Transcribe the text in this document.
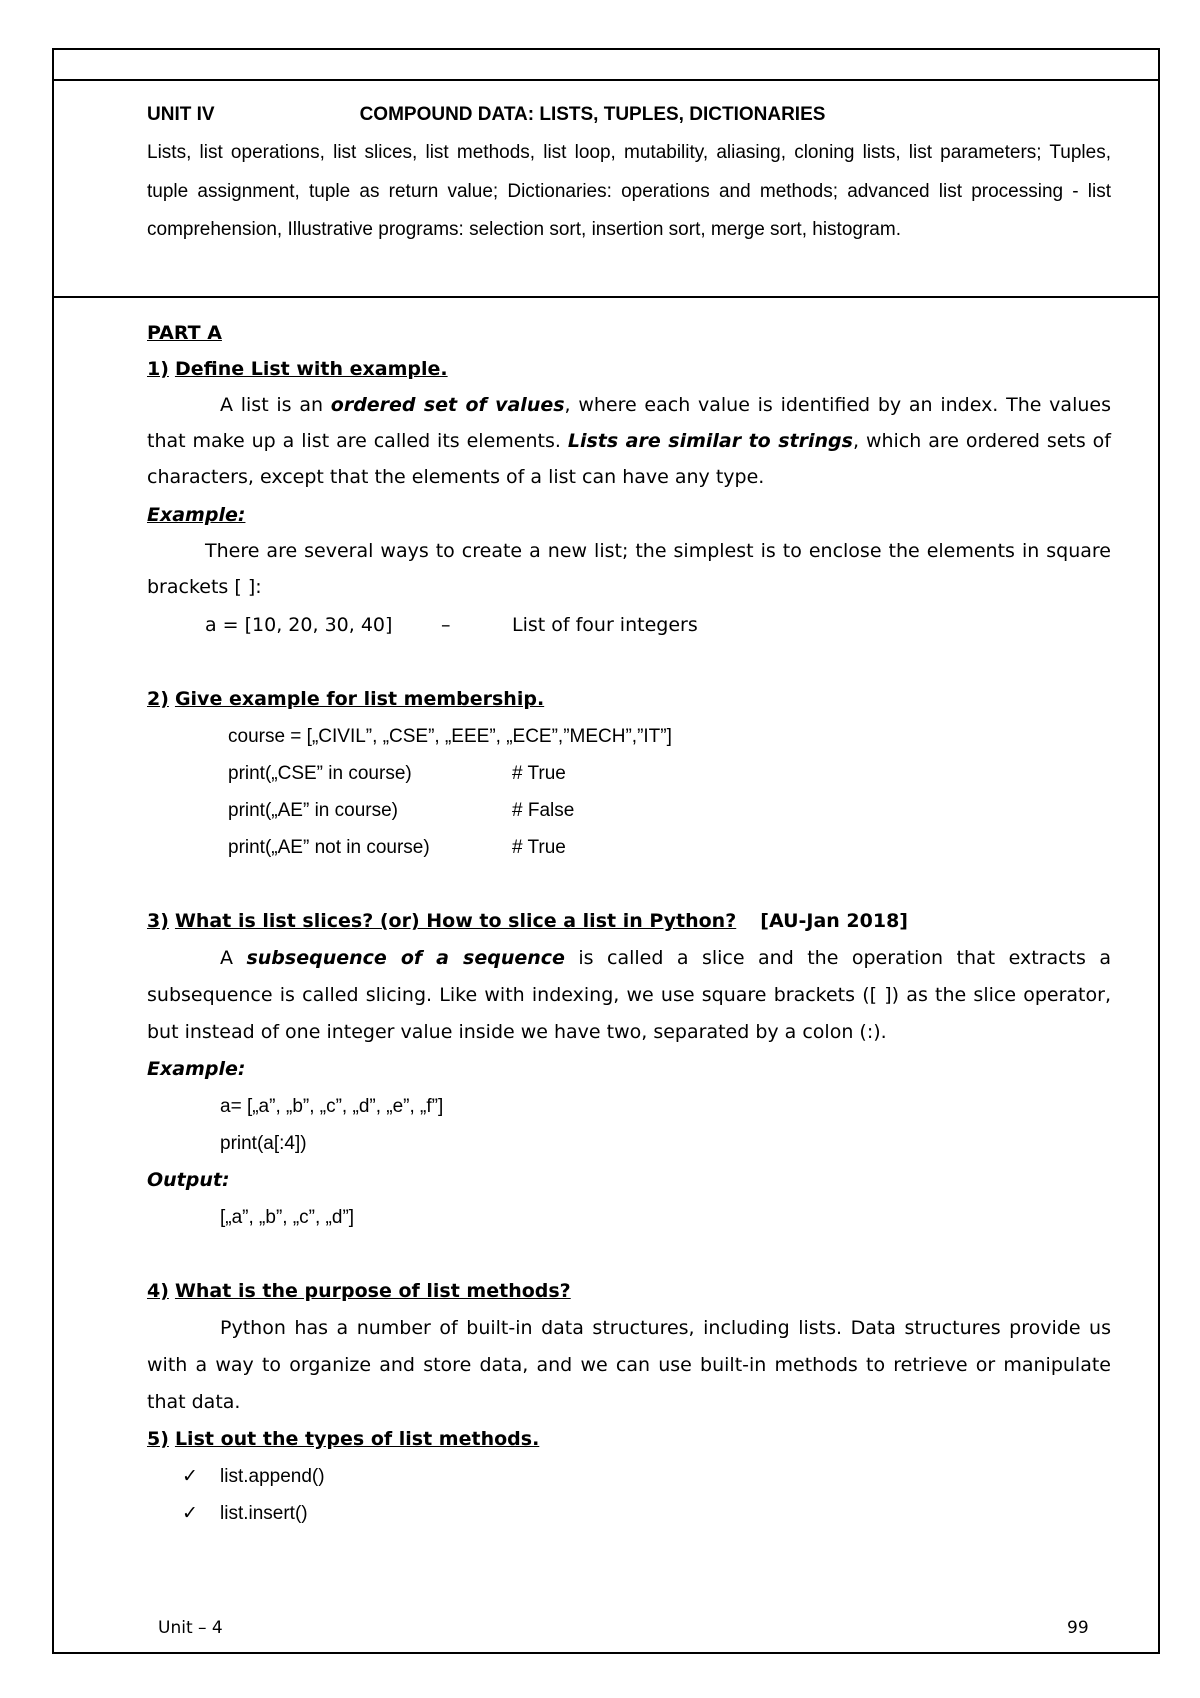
UNIT IV	COMPOUND DATA: LISTS, TUPLES, DICTIONARIES
Lists, list operations, list slices, list methods, list loop, mutability, aliasing, cloning lists, list parameters; Tuples, tuple assignment, tuple as return value; Dictionaries: operations and methods; advanced list processing - list comprehension, Illustrative programs: selection sort, insertion sort, merge sort, histogram.
PART A
1) Define List with example.
A list is an ordered set of values, where each value is identified by an index. The values that make up a list are called its elements. Lists are similar to strings, which are ordered sets of characters, except that the elements of a list can have any type.
Example:
There are several ways to create a new list; the simplest is to enclose the elements in square brackets [ ]:
a = [10, 20, 30, 40]	–	List of four integers
2) Give example for list membership.
course = [„CIVIL”, „CSE”, „EEE”, „ECE”,”MECH”,”IT”]
print(„CSE” in course)	# True
print(„AE” in course)	# False
print(„AE” not in course)	# True
3) What is list slices? (or) How to slice a list in Python? [AU-Jan 2018]
A subsequence of a sequence is called a slice and the operation that extracts a subsequence is called slicing. Like with indexing, we use square brackets ([ ]) as the slice operator, but instead of one integer value inside we have two, separated by a colon (:).
Example:
a= [„a”, „b”, „c”, „d”, „e”, „f”]
print(a[:4])
Output:
[„a”, „b”, „c”, „d”]
4) What is the purpose of list methods?
Python has a number of built-in data structures, including lists. Data structures provide us with a way to organize and store data, and we can use built-in methods to retrieve or manipulate that data.
5) List out the types of list methods.
✓ list.append()
✓ list.insert()
Unit – 4	99
